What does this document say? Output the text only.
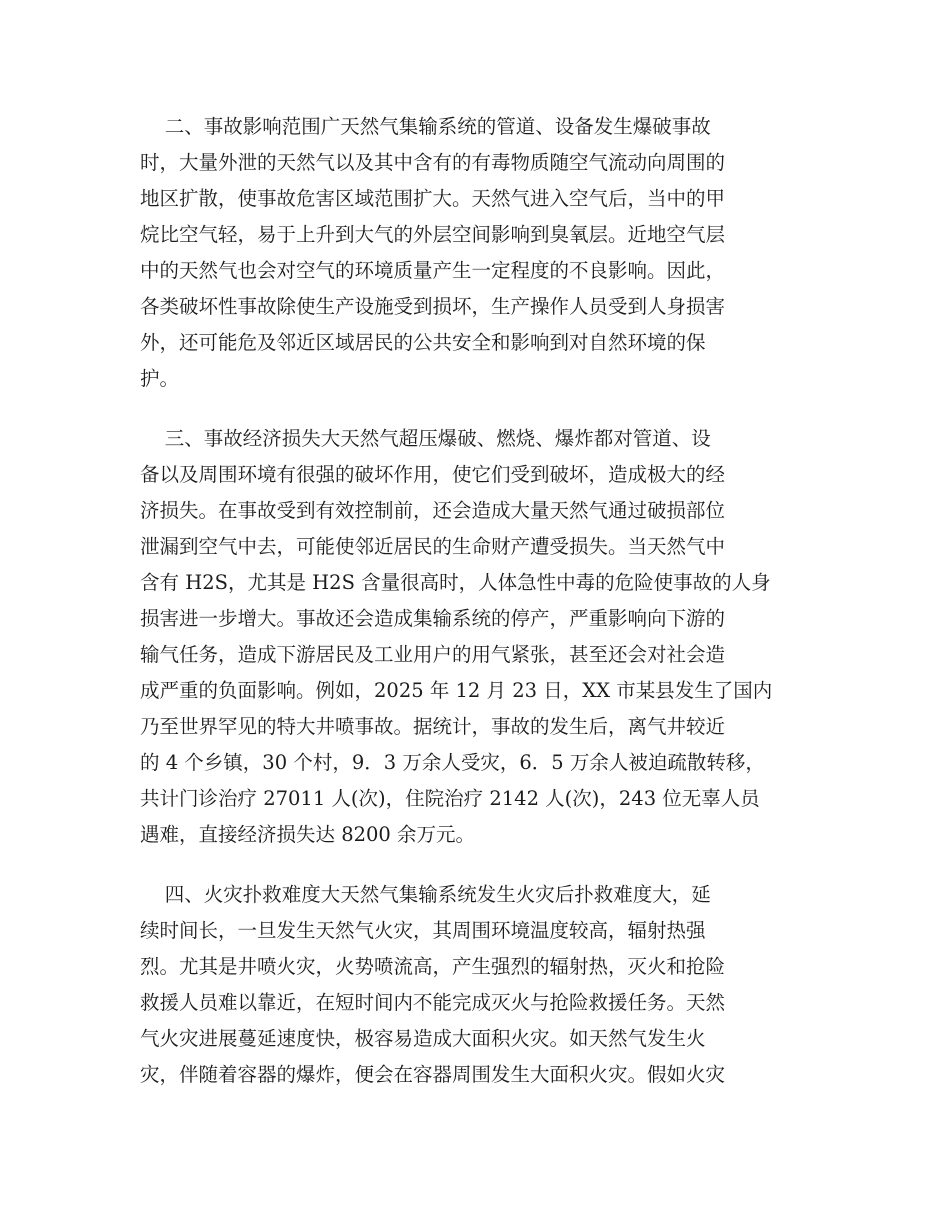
二、事故影响范围广天然气集输系统的管道、设备发生爆破事故
时，大量外泄的天然气以及其中含有的有毒物质随空气流动向周围的
地区扩散，使事故危害区域范围扩大。天然气进入空气后，当中的甲
烷比空气轻，易于上升到大气的外层空间影响到臭氧层。近地空气层
中的天然气也会对空气的环境质量产生一定程度的不良影响。因此，
各类破坏性事故除使生产设施受到损坏，生产操作人员受到人身损害
外，还可能危及邻近区域居民的公共安全和影响到对自然环境的保
护。
三、事故经济损失大天然气超压爆破、燃烧、爆炸都对管道、设
备以及周围环境有很强的破坏作用，使它们受到破坏，造成极大的经
济损失。在事故受到有效控制前，还会造成大量天然气通过破损部位
泄漏到空气中去，可能使邻近居民的生命财产遭受损失。当天然气中
含有 H2S，尤其是 H2S 含量很高时，人体急性中毒的危险使事故的人身
损害进一步增大。事故还会造成集输系统的停产，严重影响向下游的
输气任务，造成下游居民及工业用户的用气紧张，甚至还会对社会造
成严重的负面影响。例如，2025 年 12 月 23 日，XX 市某县发生了国内
乃至世界罕见的特大井喷事故。据统计，事故的发生后，离气井较近
的 4 个乡镇，30 个村，9．3 万余人受灾，6．5 万余人被迫疏散转移，
共计门诊治疗 27011 人(次)，住院治疗 2142 人(次)，243 位无辜人员
遇难，直接经济损失达 8200 余万元。
四、火灾扑救难度大天然气集输系统发生火灾后扑救难度大，延
续时间长，一旦发生天然气火灾，其周围环境温度较高，辐射热强
烈。尤其是井喷火灾，火势喷流高，产生强烈的辐射热，灭火和抢险
救援人员难以靠近，在短时间内不能完成灭火与抢险救援任务。天然
气火灾进展蔓延速度快，极容易造成大面积火灾。如天然气发生火
灾，伴随着容器的爆炸，便会在容器周围发生大面积火灾。假如火灾
